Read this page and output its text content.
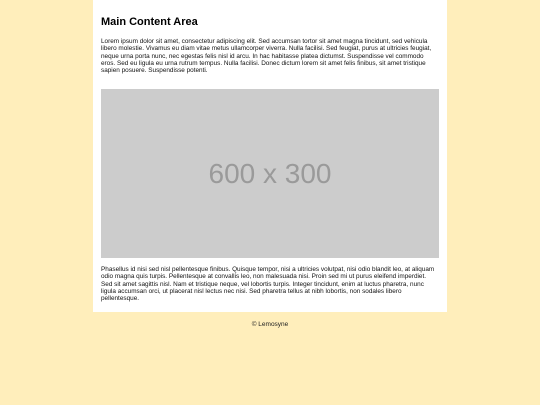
Main Content Area

Lorem ipsum dolor sit amet, consectetur adipiscing elit. Sed accumsan tortor sit amet magna tincidunt, sed vehicula libero molestie. Vivamus eu diam vitae metus ullamcorper viverra. Nulla facilisi. Sed feugiat, purus at ultricies feugiat, neque urna porta nunc, nec egestas felis nisl id arcu. In hac habitasse platea dictumst. Suspendisse vel commodo eros. Sed eu ligula eu urna rutrum tempus. Nulla facilisi. Donec dictum lorem sit amet felis finibus, sit amet tristique sapien posuere. Suspendisse potenti.

600 x 300

Phasellus id nisi sed nisl pellentesque finibus. Quisque tempor, nisi a ultricies volutpat, nisi odio blandit leo, at aliquam odio magna quis turpis. Pellentesque at convallis leo, non malesuada nisi. Proin sed mi ut purus eleifend imperdiet. Sed sit amet sagittis nisl. Nam et tristique neque, vel lobortis turpis. Integer tincidunt, enim at luctus pharetra, nunc ligula accumsan orci, ut placerat nisl lectus nec nisi. Sed pharetra tellus at nibh lobortis, non sodales libero pellentesque.

© Lemosyne
